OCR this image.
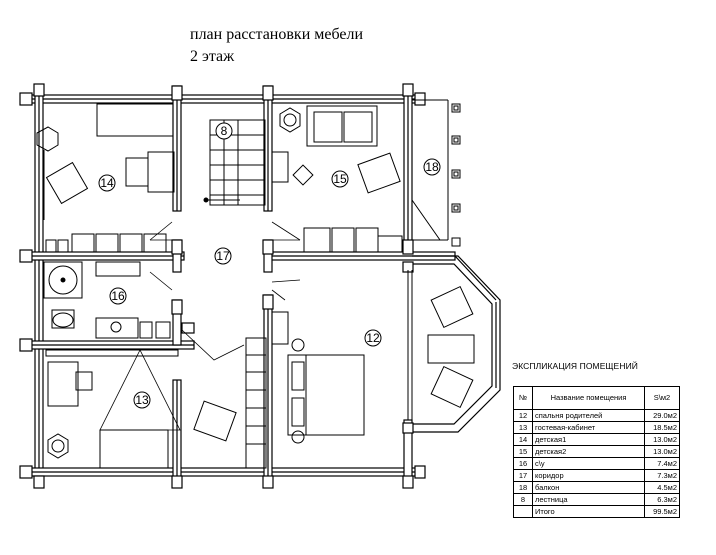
план расстановки мебели
2 этаж
8
14	15
18
17
16
12
13
ЭКСПЛИКАЦИЯ ПОМЕЩЕНИЙ
№	Название помещения	S\м2
12	спальня родителей	29.0м2
13	гостевая-кабинет	18.5м2
14	детская1	13.0м2
15	детская2	13.0м2
16	с\у	7.4м2
17	коридор	7.3м2
18	балкон	4.5м2
8	лестница	6.3м2
	Итого	99.5м2
